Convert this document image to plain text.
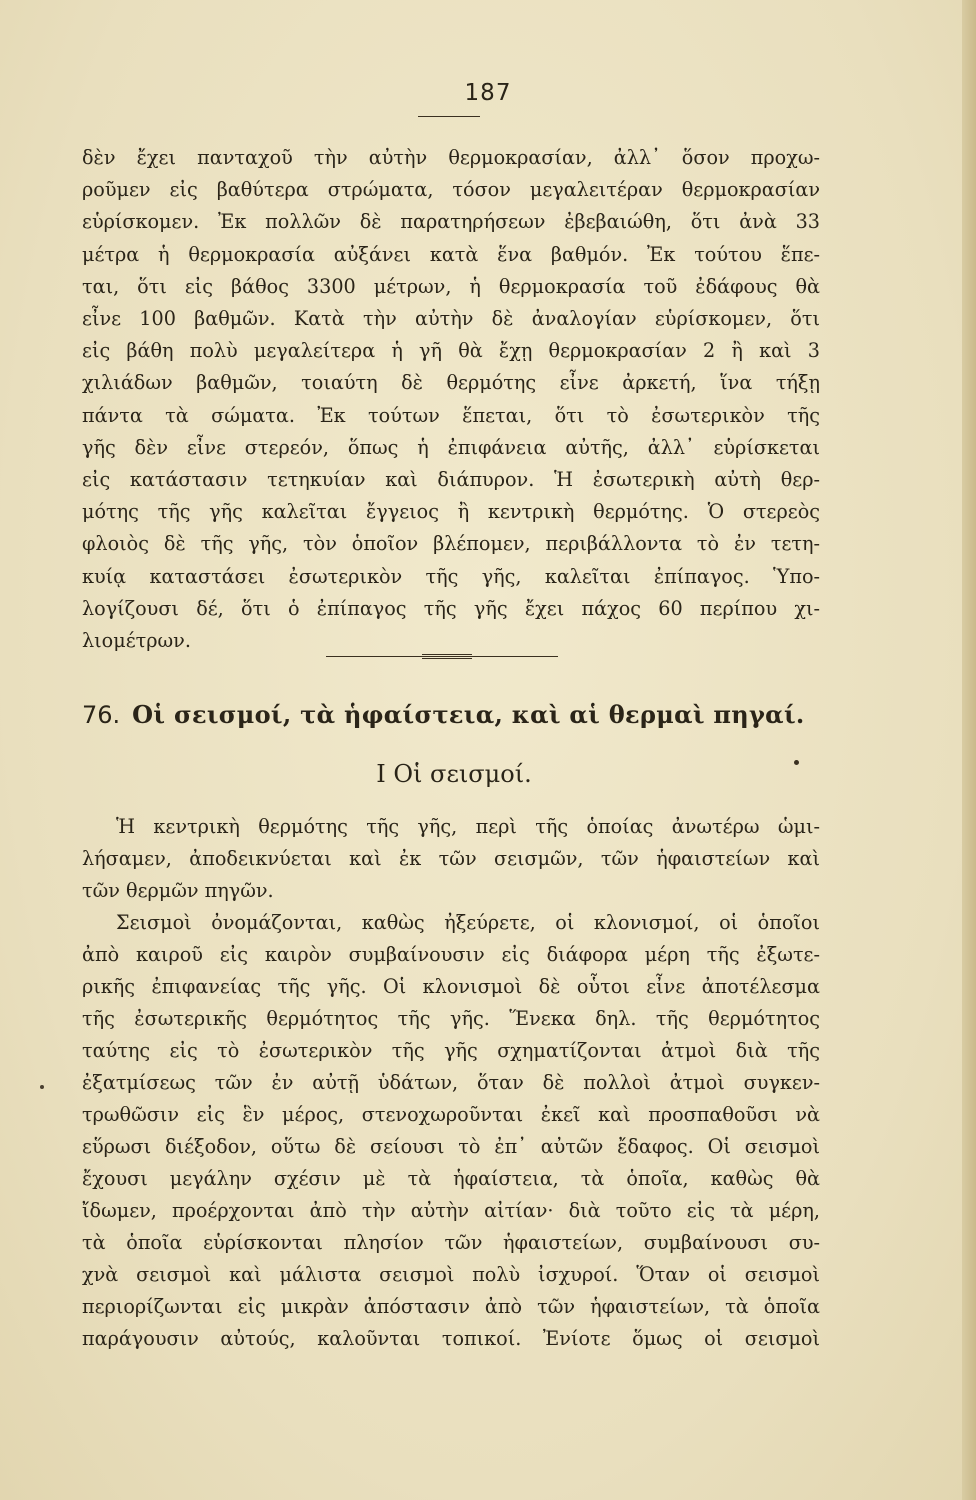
187
δὲν ἔχει πανταχοῦ τὴν αὐτὴν θερμοκρασίαν, ἀλλ᾽ ὅσον προχω-
ροῦμεν εἰς βαθύτερα στρώματα, τόσον μεγαλειτέραν θερμοκρασίαν
εὑρίσκομεν. Ἐκ πολλῶν δὲ παρατηρήσεων ἐβεβαιώθη, ὅτι ἀνὰ 33
μέτρα ἡ θερμοκρασία αὐξάνει κατὰ ἕνα βαθμόν. Ἐκ τούτου ἕπε-
ται, ὅτι εἰς βάθος 3300 μέτρων, ἡ θερμοκρασία τοῦ ἐδάφους θὰ
εἶνε 100 βαθμῶν. Κατὰ τὴν αὐτὴν δὲ ἀναλογίαν εὑρίσκομεν, ὅτι
εἰς βάθη πολὺ μεγαλείτερα ἡ γῆ θὰ ἔχῃ θερμοκρασίαν 2 ἢ καὶ 3
χιλιάδων βαθμῶν, τοιαύτη δὲ θερμότης εἶνε ἀρκετή, ἵνα τήξῃ
πάντα τὰ σώματα. Ἐκ τούτων ἕπεται, ὅτι τὸ ἐσωτερικὸν τῆς
γῆς δὲν εἶνε στερεόν, ὅπως ἡ ἐπιφάνεια αὐτῆς, ἀλλ᾽ εὑρίσκεται
εἰς κατάστασιν τετηκυίαν καὶ διάπυρον. Ἡ ἐσωτερικὴ αὐτὴ θερ-
μότης τῆς γῆς καλεῖται ἔγγειος ἢ κεντρικὴ θερμότης. Ὁ στερεὸς
φλοιὸς δὲ τῆς γῆς, τὸν ὁποῖον βλέπομεν, περιβάλλοντα τὸ ἐν τετη-
κυίᾳ καταστάσει ἐσωτερικὸν τῆς γῆς, καλεῖται ἐπίπαγος. Ὑπο-
λογίζουσι δέ, ὅτι ὁ ἐπίπαγος τῆς γῆς ἔχει πάχος 60 περίπου χι-
λιομέτρων.
76. Οἱ σεισμοί, τὰ ἡφαίστεια, καὶ αἱ θερμαὶ πηγαί.
Ι Οἱ σεισμοί.
Ἡ κεντρικὴ θερμότης τῆς γῆς, περὶ τῆς ὁποίας ἀνωτέρω ὡμι-
λήσαμεν, ἀποδεικνύεται καὶ ἐκ τῶν σεισμῶν, τῶν ἡφαιστείων καὶ
τῶν θερμῶν πηγῶν.
Σεισμοὶ ὀνομάζονται, καθὼς ἠξεύρετε, οἱ κλονισμοί, οἱ ὁποῖοι
ἀπὸ καιροῦ εἰς καιρὸν συμβαίνουσιν εἰς διάφορα μέρη τῆς ἐξωτε-
ρικῆς ἐπιφανείας τῆς γῆς. Οἱ κλονισμοὶ δὲ οὗτοι εἶνε ἀποτέλεσμα
τῆς ἐσωτερικῆς θερμότητος τῆς γῆς. Ἕνεκα δηλ. τῆς θερμότητος
ταύτης εἰς τὸ ἐσωτερικὸν τῆς γῆς σχηματίζονται ἀτμοὶ διὰ τῆς
ἐξατμίσεως τῶν ἐν αὐτῇ ὑδάτων, ὅταν δὲ πολλοὶ ἀτμοὶ συγκεν-
τρωθῶσιν εἰς ἓν μέρος, στενοχωροῦνται ἐκεῖ καὶ προσπαθοῦσι νὰ
εὕρωσι διέξοδον, οὕτω δὲ σείουσι τὸ ἐπ᾽ αὐτῶν ἔδαφος. Οἱ σεισμοὶ
ἔχουσι μεγάλην σχέσιν μὲ τὰ ἡφαίστεια, τὰ ὁποῖα, καθὼς θὰ
ἴδωμεν, προέρχονται ἀπὸ τὴν αὐτὴν αἰτίαν· διὰ τοῦτο εἰς τὰ μέρη,
τὰ ὁποῖα εὑρίσκονται πλησίον τῶν ἡφαιστείων, συμβαίνουσι συ-
χνὰ σεισμοὶ καὶ μάλιστα σεισμοὶ πολὺ ἰσχυροί. Ὅταν οἱ σεισμοὶ
περιορίζωνται εἰς μικρὰν ἀπόστασιν ἀπὸ τῶν ἡφαιστείων, τὰ ὁποῖα
παράγουσιν αὐτούς, καλοῦνται τοπικοί. Ἐνίοτε ὅμως οἱ σεισμοὶ
